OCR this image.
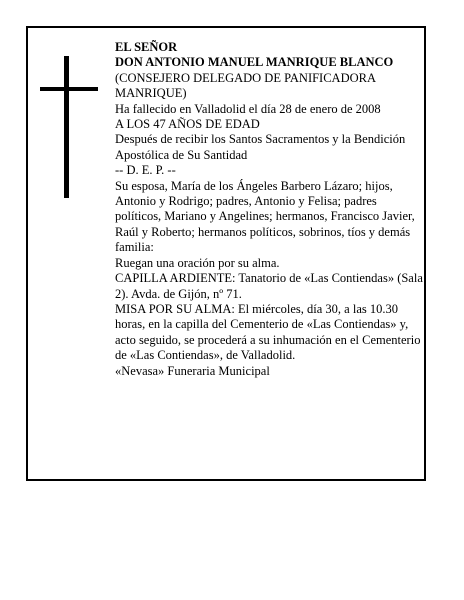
EL SEÑOR

DON ANTONIO MANUEL MANRIQUE BLANCO

(CONSEJERO DELEGADO DE PANIFICADORA MANRIQUE)

Ha fallecido en Valladolid el día 28 de enero de 2008

A LOS 47 AÑOS DE EDAD

Después de recibir los Santos Sacramentos y la Bendición Apostólica de Su Santidad

-- D. E. P. --

Su esposa, María de los Ángeles Barbero Lázaro; hijos, Antonio y Rodrigo; padres, Antonio y Felisa; padres políticos, Mariano y Angelines; hermanos, Francisco Javier, Raúl y Roberto; hermanos políticos, sobrinos, tíos y demás familia:

Ruegan una oración por su alma.

CAPILLA ARDIENTE: Tanatorio de «Las Contiendas» (Sala 2). Avda. de Gijón, nº 71.

MISA POR SU ALMA: El miércoles, día 30, a las 10.30 horas, en la capilla del Cementerio de «Las Contiendas» y, acto seguido, se procederá a su inhumación en el Cementerio de «Las Contiendas», de Valladolid.

«Nevasa» Funeraria Municipal
